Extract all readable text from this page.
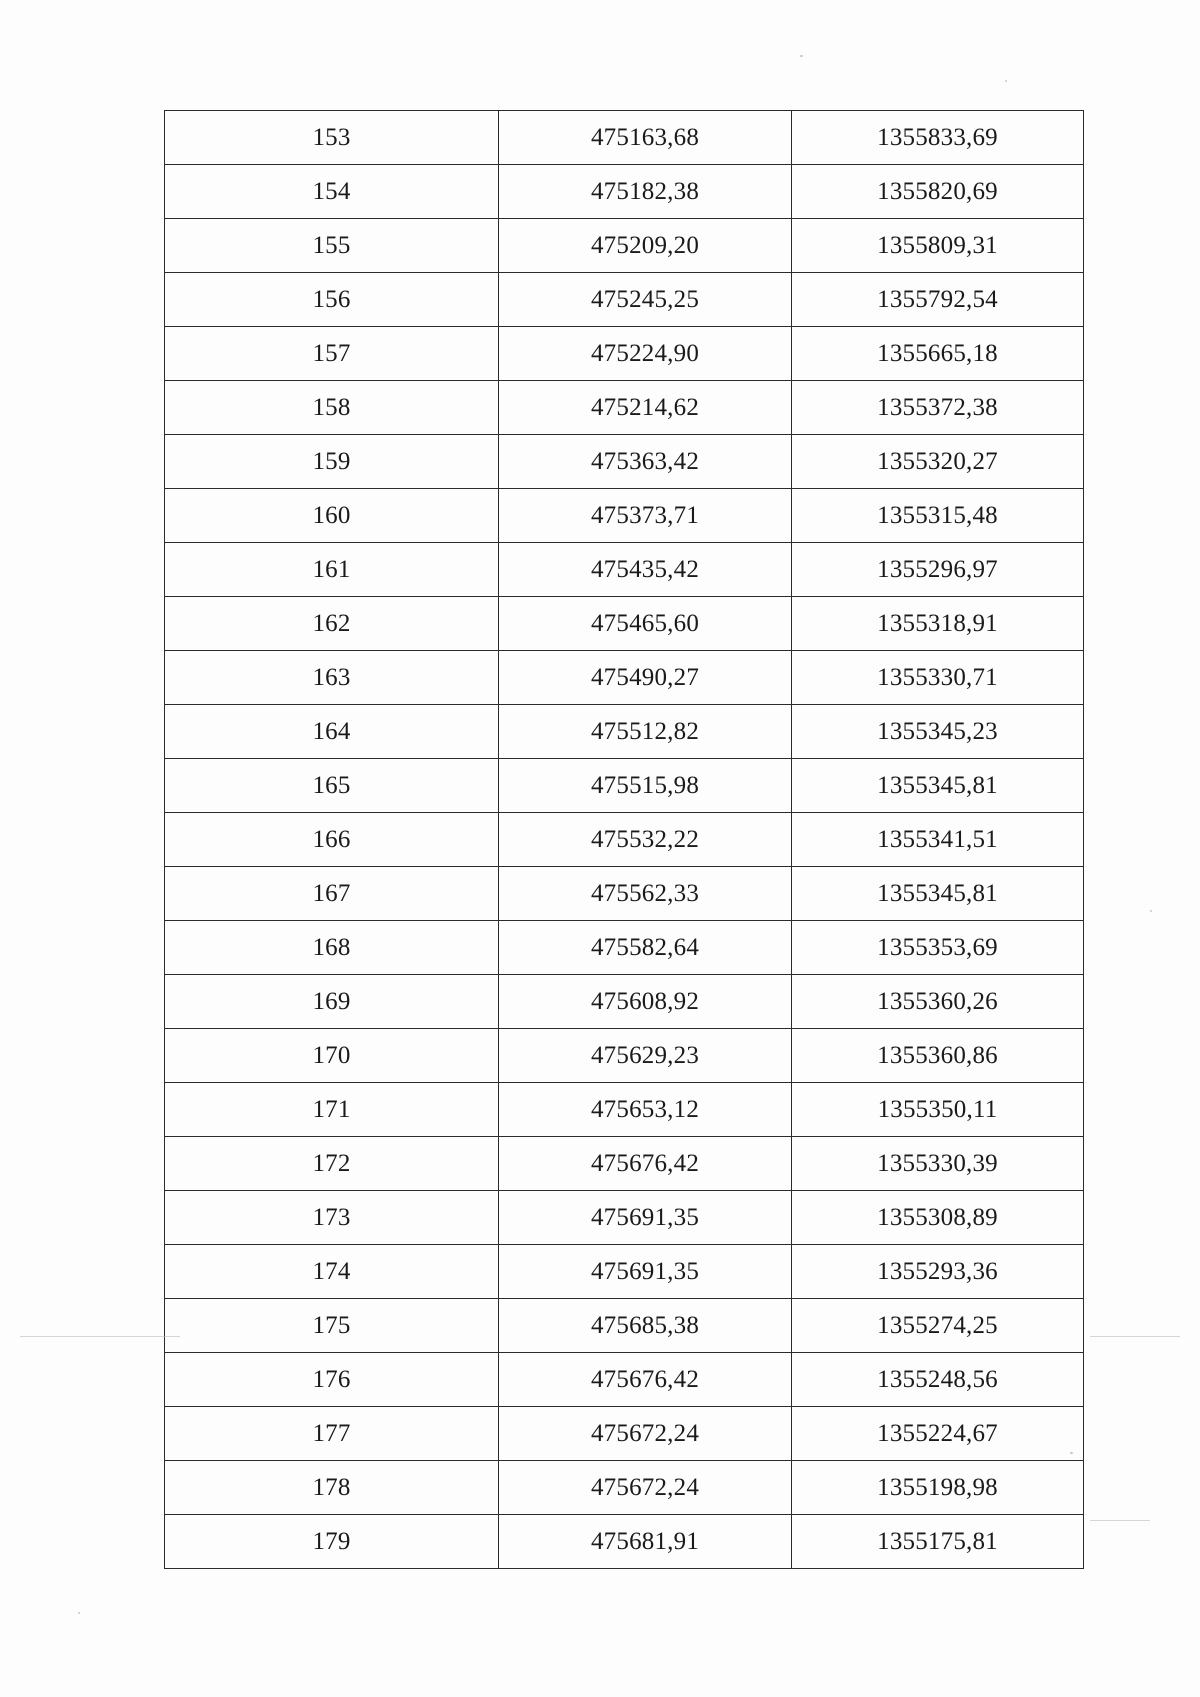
153	475163,68	1355833,69
154	475182,38	1355820,69
155	475209,20	1355809,31
156	475245,25	1355792,54
157	475224,90	1355665,18
158	475214,62	1355372,38
159	475363,42	1355320,27
160	475373,71	1355315,48
161	475435,42	1355296,97
162	475465,60	1355318,91
163	475490,27	1355330,71
164	475512,82	1355345,23
165	475515,98	1355345,81
166	475532,22	1355341,51
167	475562,33	1355345,81
168	475582,64	1355353,69
169	475608,92	1355360,26
170	475629,23	1355360,86
171	475653,12	1355350,11
172	475676,42	1355330,39
173	475691,35	1355308,89
174	475691,35	1355293,36
175	475685,38	1355274,25
176	475676,42	1355248,56
177	475672,24	1355224,67
178	475672,24	1355198,98
179	475681,91	1355175,81
